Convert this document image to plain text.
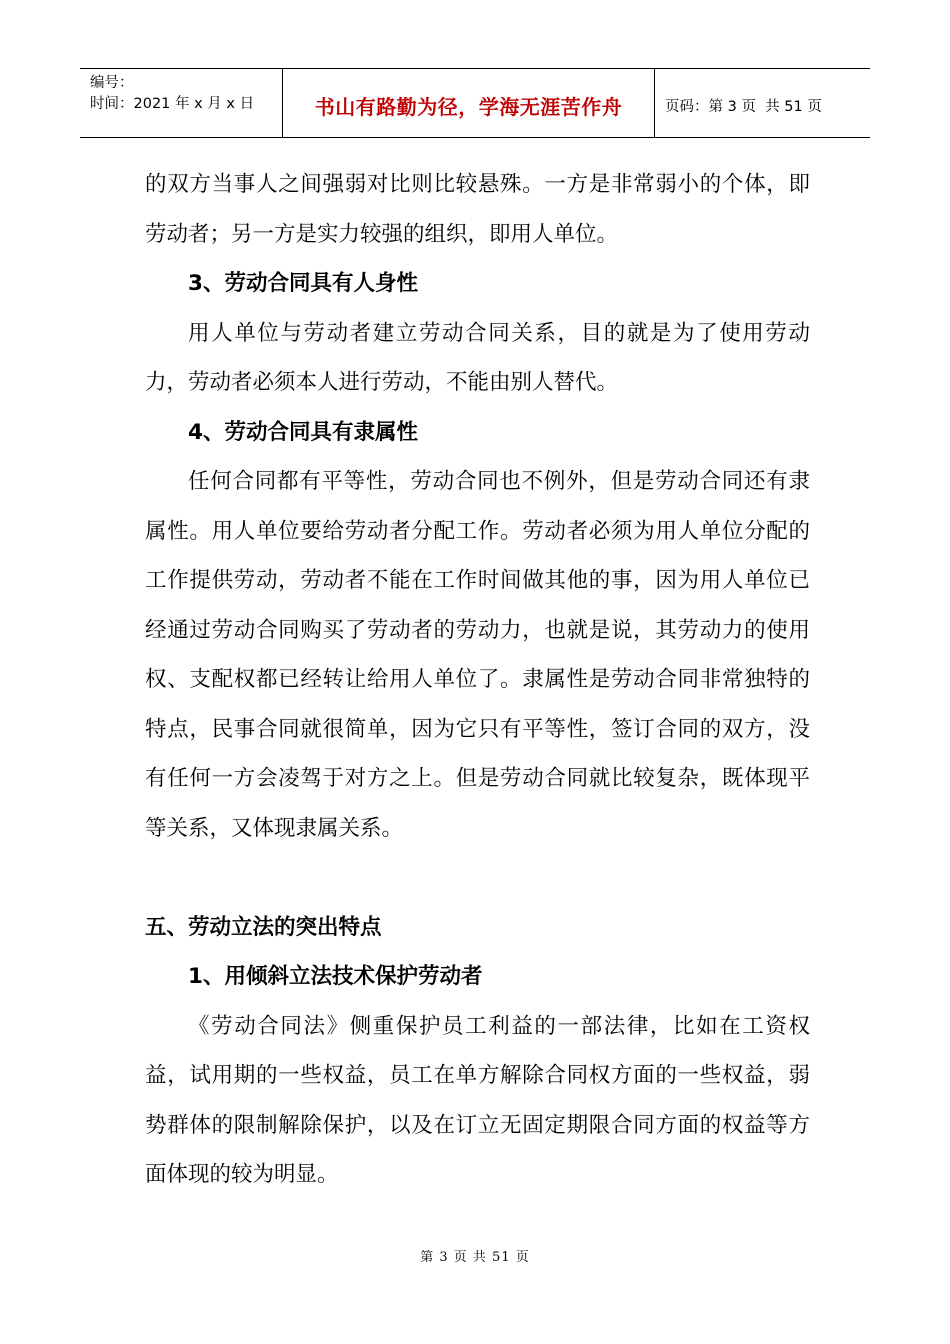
编号：
时间：2021 年 x 月 x 日	书山有路勤为径，学海无涯苦作舟	页码：第 3 页  共 51 页

的双方当事人之间强弱对比则比较悬殊。一方是非常弱小的个体，即劳动者；另一方是实力较强的组织，即用人单位。

3、劳动合同具有人身性

用人单位与劳动者建立劳动合同关系，目的就是为了使用劳动力，劳动者必须本人进行劳动，不能由别人替代。

4、劳动合同具有隶属性

任何合同都有平等性，劳动合同也不例外，但是劳动合同还有隶属性。用人单位要给劳动者分配工作。劳动者必须为用人单位分配的工作提供劳动，劳动者不能在工作时间做其他的事，因为用人单位已经通过劳动合同购买了劳动者的劳动力，也就是说，其劳动力的使用权、支配权都已经转让给用人单位了。隶属性是劳动合同非常独特的特点，民事合同就很简单，因为它只有平等性，签订合同的双方，没有任何一方会凌驾于对方之上。但是劳动合同就比较复杂，既体现平等关系，又体现隶属关系。

五、劳动立法的突出特点

1、用倾斜立法技术保护劳动者

《劳动合同法》侧重保护员工利益的一部法律，比如在工资权益，试用期的一些权益，员工在单方解除合同权方面的一些权益，弱势群体的限制解除保护，以及在订立无固定期限合同方面的权益等方面体现的较为明显。

第 3 页 共 51 页
